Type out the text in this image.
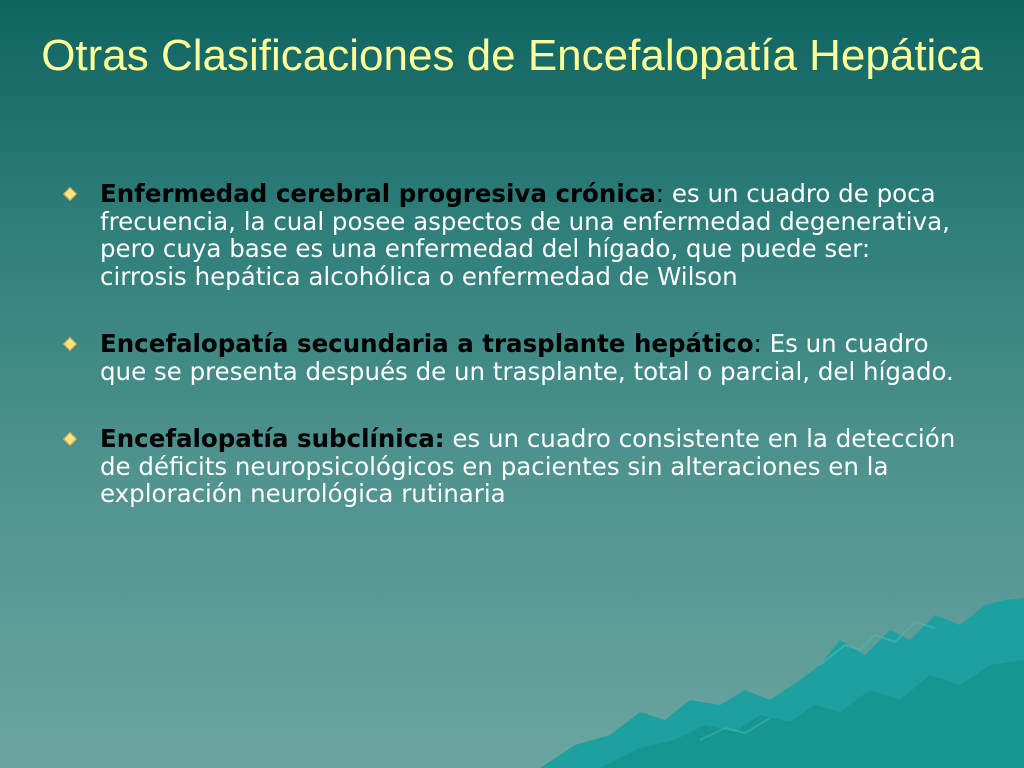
Otras Clasificaciones de Encefalopatía Hepática
Enfermedad cerebral progresiva crónica: es un cuadro de poca frecuencia, la cual posee aspectos de una enfermedad degenerativa, pero cuya base es una enfermedad del hígado, que puede ser: cirrosis hepática alcohólica o enfermedad de Wilson
Encefalopatía secundaria a trasplante hepático: Es un cuadro que se presenta después de un trasplante, total o parcial, del hígado.
Encefalopatía subclínica: es un cuadro consistente en la detección de déficits neuropsicológicos en pacientes sin alteraciones en la exploración neurológica rutinaria
